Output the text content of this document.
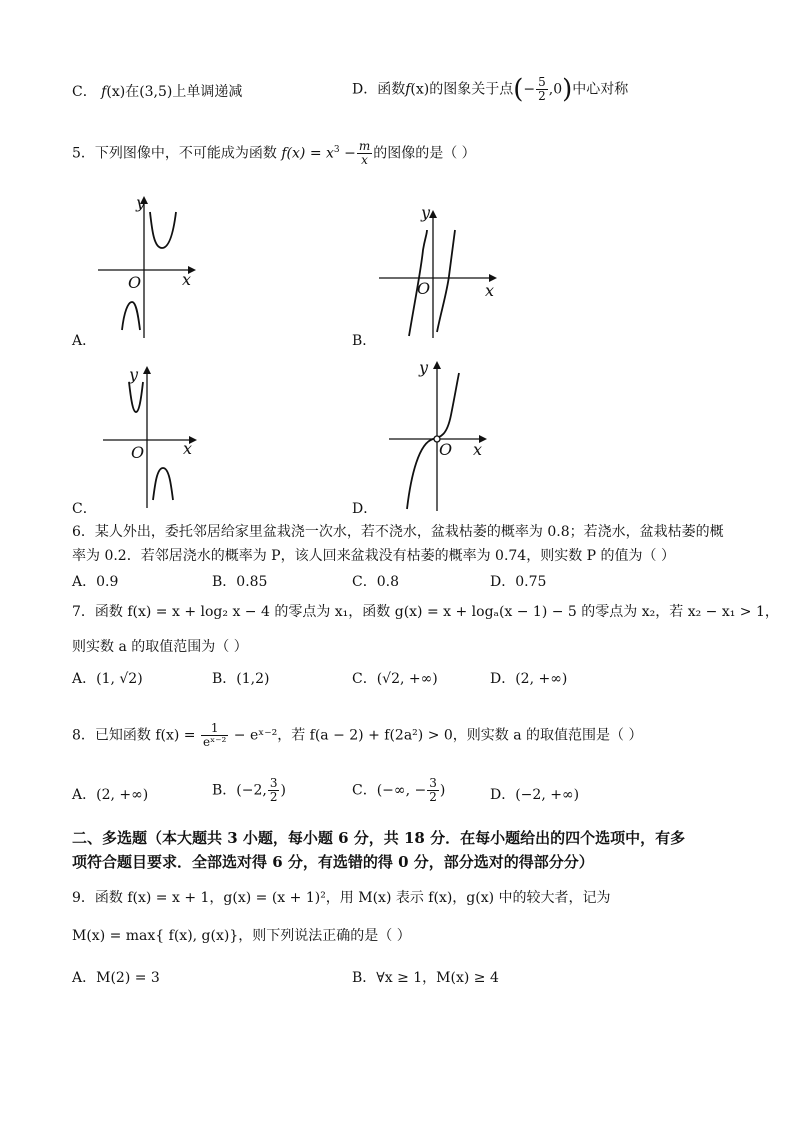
C． f(x)在(3,5)上单调递减	D．函数f(x)的图象关于点(− $\frac{5}{2} ,0$)中心对称
5．下列图像中，不可能成为函数 $f(x) = x^3 - \frac{m}{x}$ 的图像的是（ ）
y
x
O
A．
y
x
O
B．
y
x
O
C．
y
x
O
D．
6．某人外出，委托邻居给家里盆栽浇一次水，若不浇水，盆栽枯萎的概率为 0.8；若浇水，盆栽枯萎的概
率为 0.2．若邻居浇水的概率为 P，该人回来盆栽没有枯萎的概率为 0.74，则实数 P 的值为（ ）
A．0.9	B．0.85	C．0.8	D．0.75
7．函数 f(x) = x + log₂ x − 4 的零点为 x₁，函数 g(x) = x + logₐ(x − 1) − 5 的零点为 x₂，若 x₂ − x₁ > 1，
则实数 a 的取值范围为（ ）
A．(1, √2)	B．(1,2)	C．(√2, +∞)	D．(2, +∞)
8．已知函数 $f(x) = \frac{1}{\text{eˣ⁻²}}$ − eˣ⁻²，若 f(a − 2) + f(2a²) > 0，则实数 a 的取值范围是（ ）
A．(2, +∞)	B．(−2, $\frac{3}{2}$ )	C．(−∞, − $\frac{3}{2}$ )	D．(−2, +∞)
二、多选题（本大题共 3 小题，每小题 6 分，共 18 分．在每小题给出的四个选项中，有多
项符合题目要求．全部选对得 6 分，有选错的得 0 分，部分选对的得部分分）
9．函数 f(x) = x + 1，g(x) = (x + 1)²，用 M(x) 表示 f(x)，g(x) 中的较大者，记为
M(x) = max{ f(x), g(x)}，则下列说法正确的是（ ）
A．M(2) = 3	B．∀x ≥ 1，M(x) ≥ 4
